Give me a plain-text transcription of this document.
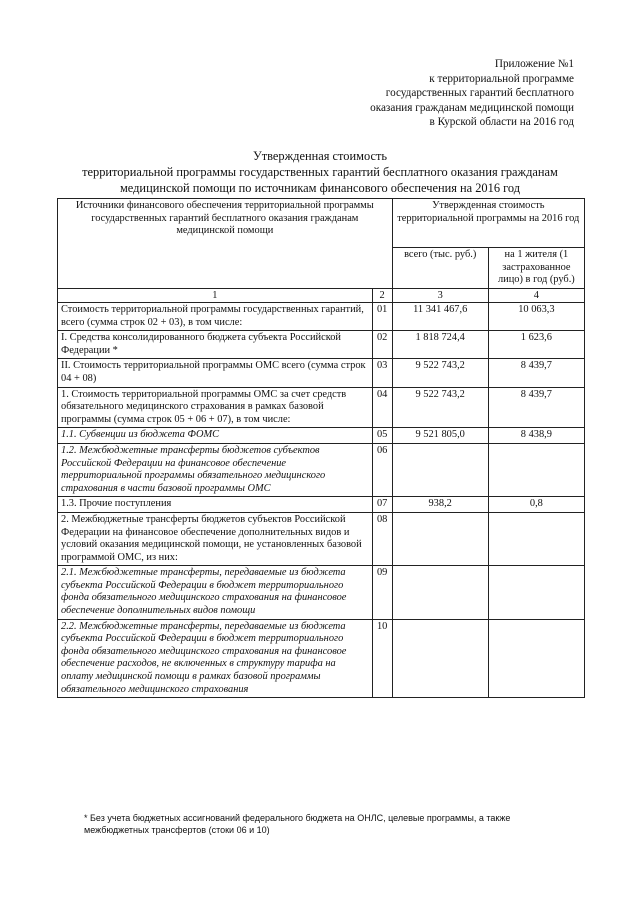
Приложение №1
к территориальной программе
государственных гарантий бесплатного
оказания гражданам медицинской помощи
в Курской области на 2016 год
Утвержденная стоимость
территориальной программы государственных гарантий бесплатного оказания гражданам
медицинской помощи по источникам финансового обеспечения на 2016 год
Источники финансового обеспечения территориальной программы государственных гарантий бесплатного оказания гражданам медицинской помощи		Утвержденная стоимость территориальной программы на 2016 год	
		всего (тыс. руб.)	на 1 жителя (1 застрахованное лицо) в год (руб.)
1	2	3	4
Стоимость территориальной программы государственных гарантий, всего (сумма строк 02 + 03), в том числе:	01	11 341 467,6	10 063,3
I. Средства консолидированного бюджета субъекта Российской Федерации *	02	1 818 724,4	1 623,6
II. Стоимость территориальной программы ОМС всего (сумма строк 04 + 08)	03	9 522 743,2	8 439,7
1. Стоимость территориальной программы ОМС за счет средств обязательного медицинского страхования в рамках базовой программы (сумма строк 05 + 06 + 07), в том числе:	04	9 522 743,2	8 439,7
1.1. Субвенции из бюджета ФОМС	05	9 521 805,0	8 438,9
1.2. Межбюджетные трансферты бюджетов субъектов Российской Федерации на финансовое обеспечение территориальной программы обязательного медицинского страхования в части базовой программы ОМС	06		
1.3. Прочие поступления	07	938,2	0,8
2. Межбюджетные трансферты бюджетов субъектов Российской Федерации на финансовое обеспечение дополнительных видов и условий оказания медицинской помощи, не установленных базовой программой ОМС, из них:	08		
2.1. Межбюджетные трансферты, передаваемые из бюджета субъекта Российской Федерации в бюджет территориального фонда обязательного медицинского страхования на финансовое обеспечение дополнительных видов помощи	09		
2.2. Межбюджетные трансферты, передаваемые из бюджета субъекта Российской Федерации в бюджет территориального фонда обязательного медицинского страхования на финансовое обеспечение расходов, не включенных в структуру тарифа на оплату медицинской помощи в рамках базовой программы обязательного медицинского страхования	10		
* Без учета бюджетных ассигнований федерального бюджета на ОНЛС, целевые программы, а также
межбюджетных трансфертов (стоки 06 и 10)
